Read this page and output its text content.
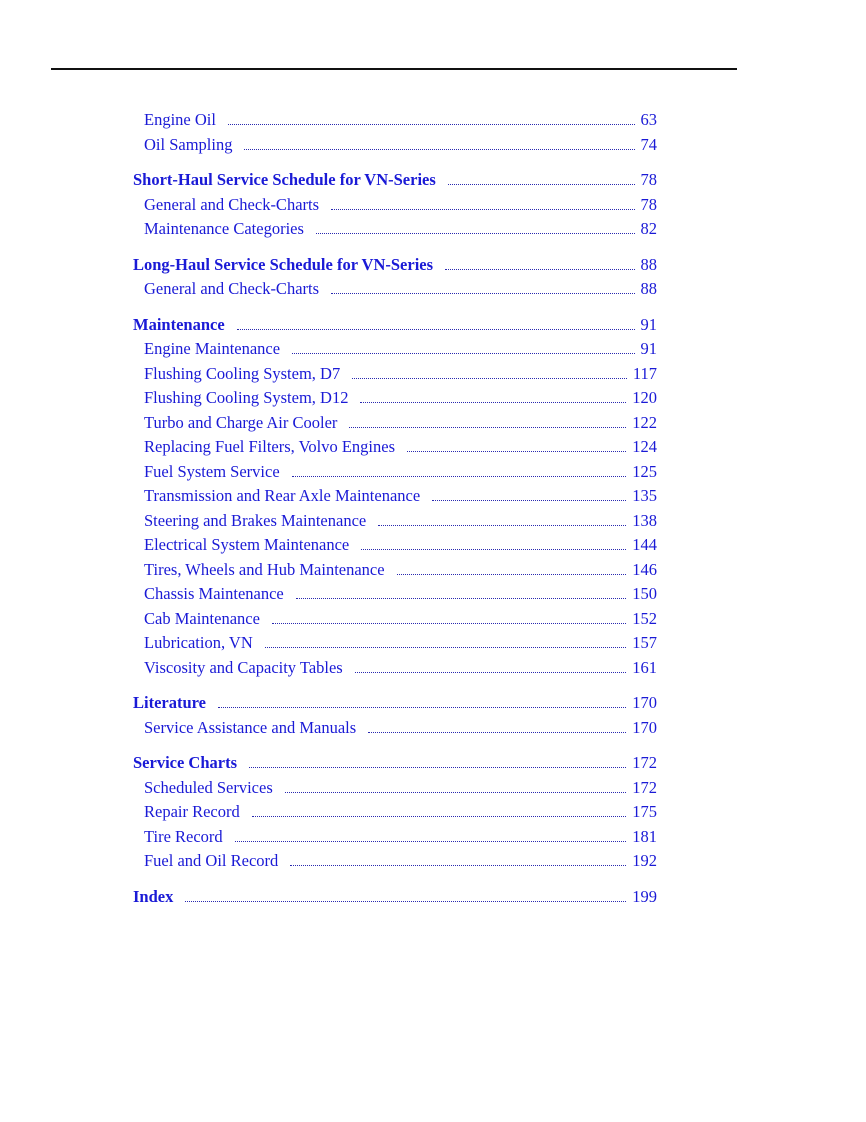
Engine Oil	63
Oil Sampling	74
Short-Haul Service Schedule for VN-Series	78
General and Check-Charts	78
Maintenance Categories	82
Long-Haul Service Schedule for VN-Series	88
General and Check-Charts	88
Maintenance	91
Engine Maintenance	91
Flushing Cooling System, D7	117
Flushing Cooling System, D12	120
Turbo and Charge Air Cooler	122
Replacing Fuel Filters, Volvo Engines	124
Fuel System Service	125
Transmission and Rear Axle Maintenance	135
Steering and Brakes Maintenance	138
Electrical System Maintenance	144
Tires, Wheels and Hub Maintenance	146
Chassis Maintenance	150
Cab Maintenance	152
Lubrication, VN	157
Viscosity and Capacity Tables	161
Literature	170
Service Assistance and Manuals	170
Service Charts	172
Scheduled Services	172
Repair Record	175
Tire Record	181
Fuel and Oil Record	192
Index	199
